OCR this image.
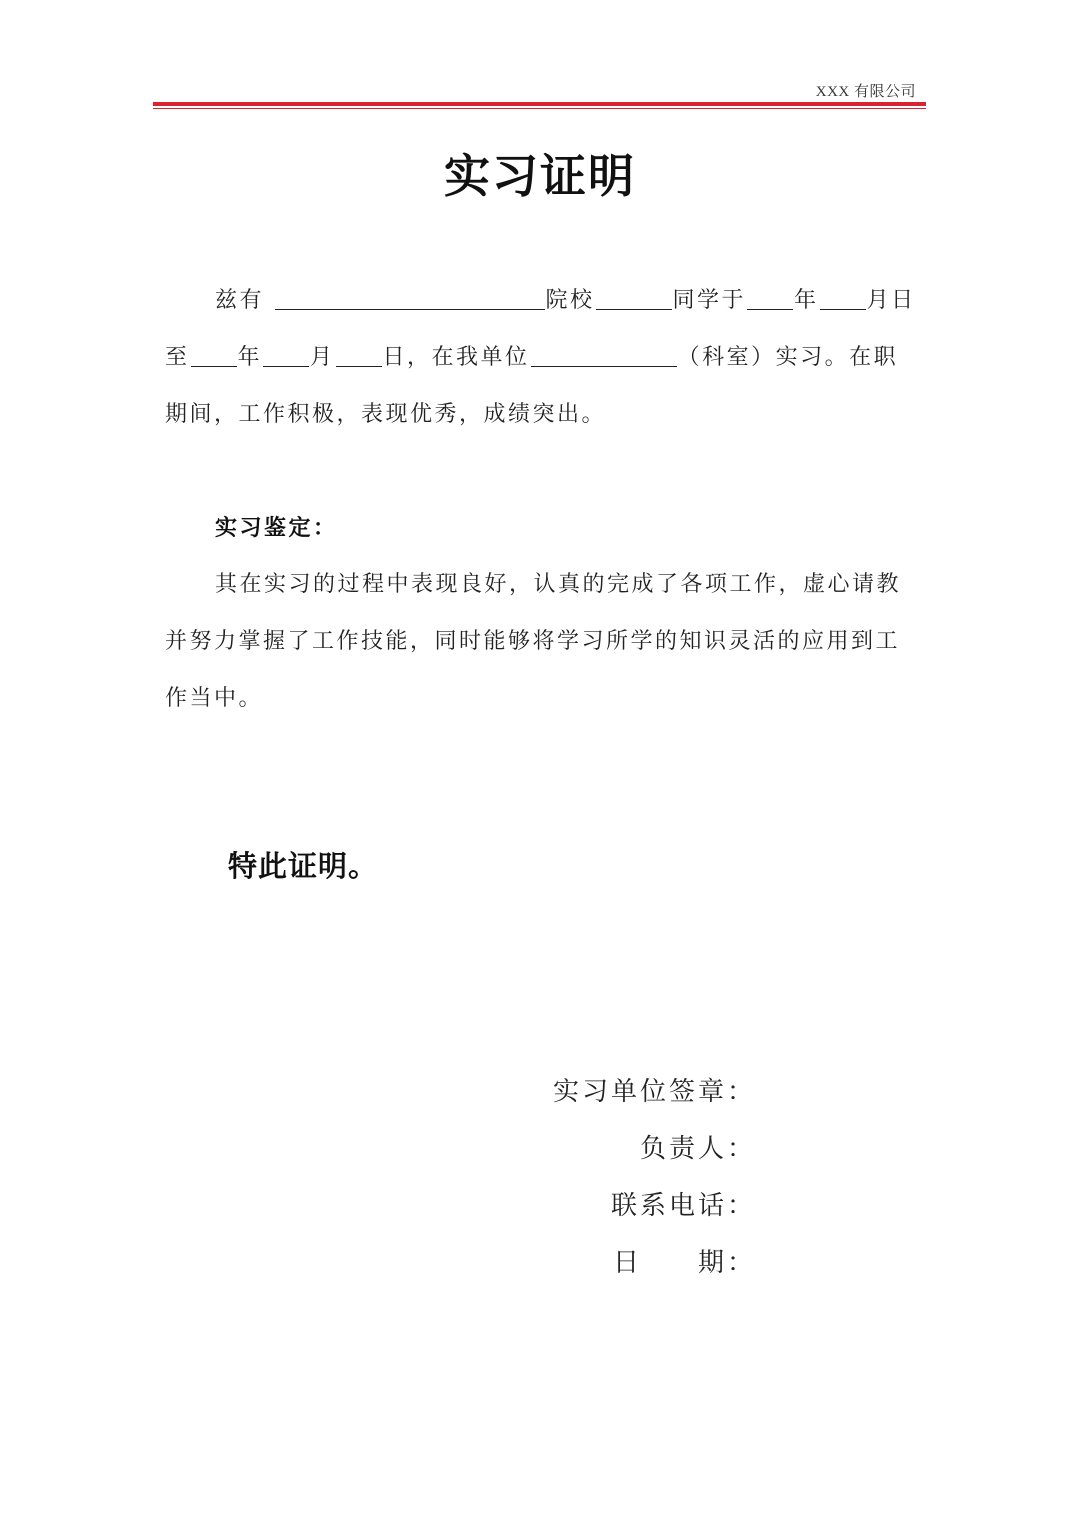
XXX 有限公司
实习证明
兹有	院校	同学于 年 月日至 年 月 日，在我单位	（科室）实习。在职期间，工作积极，表现优秀，成绩突出。
实习鉴定：
其在实习的过程中表现良好，认真的完成了各项工作，虚心请教并努力掌握了工作技能，同时能够将学习所学的知识灵活的应用到工作当中。
特此证明。
实习单位签章：
负责人：
联系电话：
日 期：
